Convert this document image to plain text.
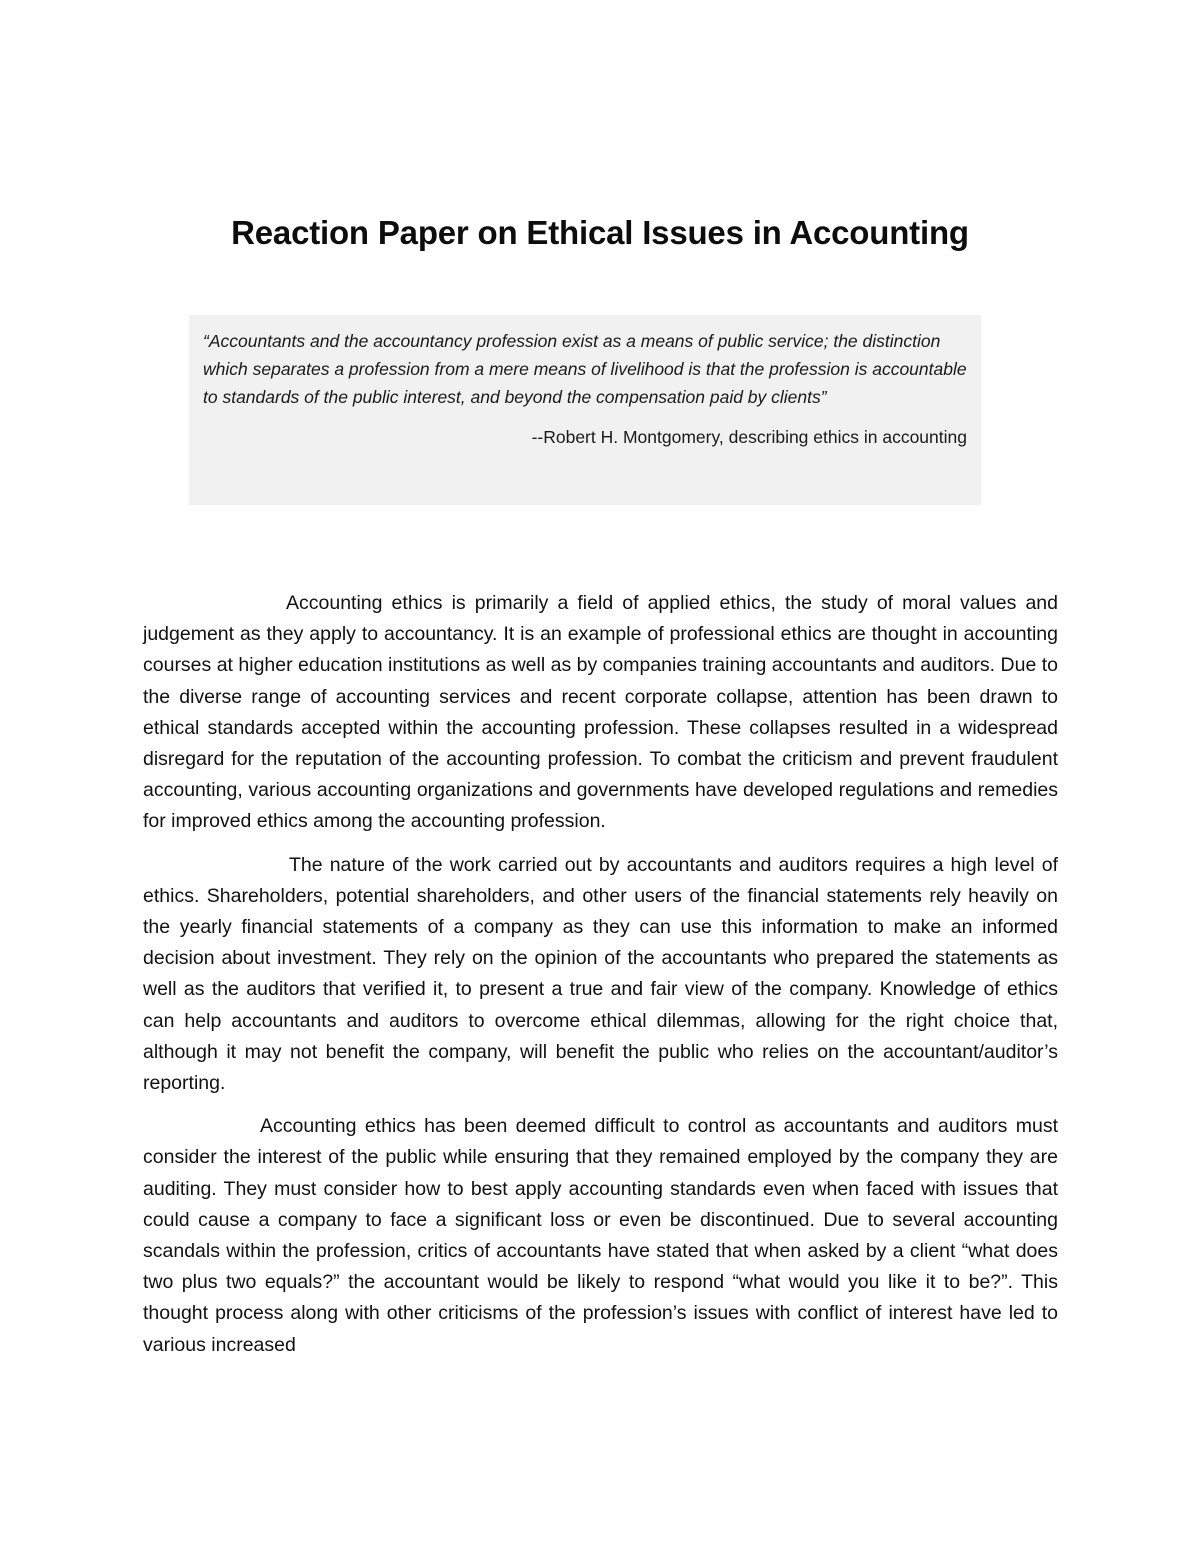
Reaction Paper on Ethical Issues in Accounting

“Accountants and the accountancy profession exist as a means of public service; the distinction which separates a profession from a mere means of livelihood is that the profession is accountable to standards of the public interest, and beyond the compensation paid by clients”

--Robert H. Montgomery, describing ethics in accounting

Accounting ethics is primarily a field of applied ethics, the study of moral values and judgement as they apply to accountancy. It is an example of professional ethics are thought in accounting courses at higher education institutions as well as by companies training accountants and auditors. Due to the diverse range of accounting services and recent corporate collapse, attention has been drawn to ethical standards accepted within the accounting profession. These collapses resulted in a widespread disregard for the reputation of the accounting profession. To combat the criticism and prevent fraudulent accounting, various accounting organizations and governments have developed regulations and remedies for improved ethics among the accounting profession.

The nature of the work carried out by accountants and auditors requires a high level of ethics. Shareholders, potential shareholders, and other users of the financial statements rely heavily on the yearly financial statements of a company as they can use this information to make an informed decision about investment. They rely on the opinion of the accountants who prepared the statements as well as the auditors that verified it, to present a true and fair view of the company. Knowledge of ethics can help accountants and auditors to overcome ethical dilemmas, allowing for the right choice that, although it may not benefit the company, will benefit the public who relies on the accountant/auditor’s reporting.

Accounting ethics has been deemed difficult to control as accountants and auditors must consider the interest of the public while ensuring that they remained employed by the company they are auditing. They must consider how to best apply accounting standards even when faced with issues that could cause a company to face a significant loss or even be discontinued. Due to several accounting scandals within the profession, critics of accountants have stated that when asked by a client “what does two plus two equals?” the accountant would be likely to respond “what would you like it to be?”. This thought process along with other criticisms of the profession’s issues with conflict of interest have led to various increased
